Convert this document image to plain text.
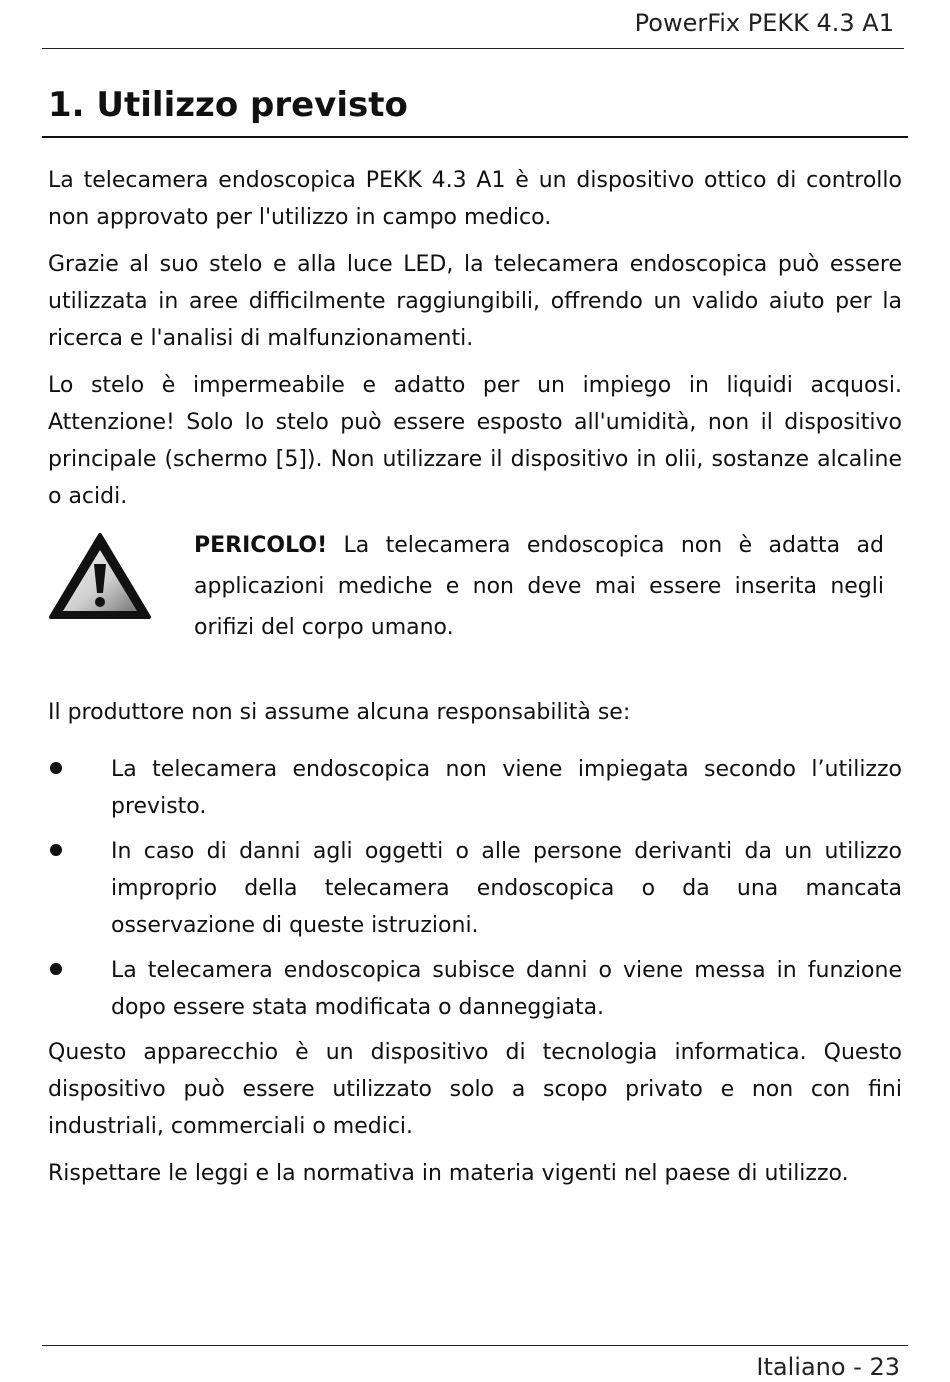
PowerFix PEKK 4.3 A1
1. Utilizzo previsto

La telecamera endoscopica PEKK 4.3 A1 è un dispositivo ottico di controllo non approvato per l'utilizzo in campo medico.

Grazie al suo stelo e alla luce LED, la telecamera endoscopica può essere utilizzata in aree difficilmente raggiungibili, offrendo un valido aiuto per la ricerca e l'analisi di malfunzionamenti.

Lo stelo è impermeabile e adatto per un impiego in liquidi acquosi. Attenzione! Solo lo stelo può essere esposto all'umidità, non il dispositivo principale (schermo [5]). Non utilizzare il dispositivo in olii, sostanze alcaline o acidi.

PERICOLO! La telecamera endoscopica non è adatta ad applicazioni mediche e non deve mai essere inserita negli orifizi del corpo umano.

Il produttore non si assume alcuna responsabilità se:

La telecamera endoscopica non viene impiegata secondo l’utilizzo previsto.
In caso di danni agli oggetti o alle persone derivanti da un utilizzo improprio della telecamera endoscopica o da una mancata osservazione di queste istruzioni.
La telecamera endoscopica subisce danni o viene messa in funzione dopo essere stata modificata o danneggiata.

Questo apparecchio è un dispositivo di tecnologia informatica. Questo dispositivo può essere utilizzato solo a scopo privato e non con fini industriali, commerciali o medici.

Rispettare le leggi e la normativa in materia vigenti nel paese di utilizzo.

Italiano - 23
